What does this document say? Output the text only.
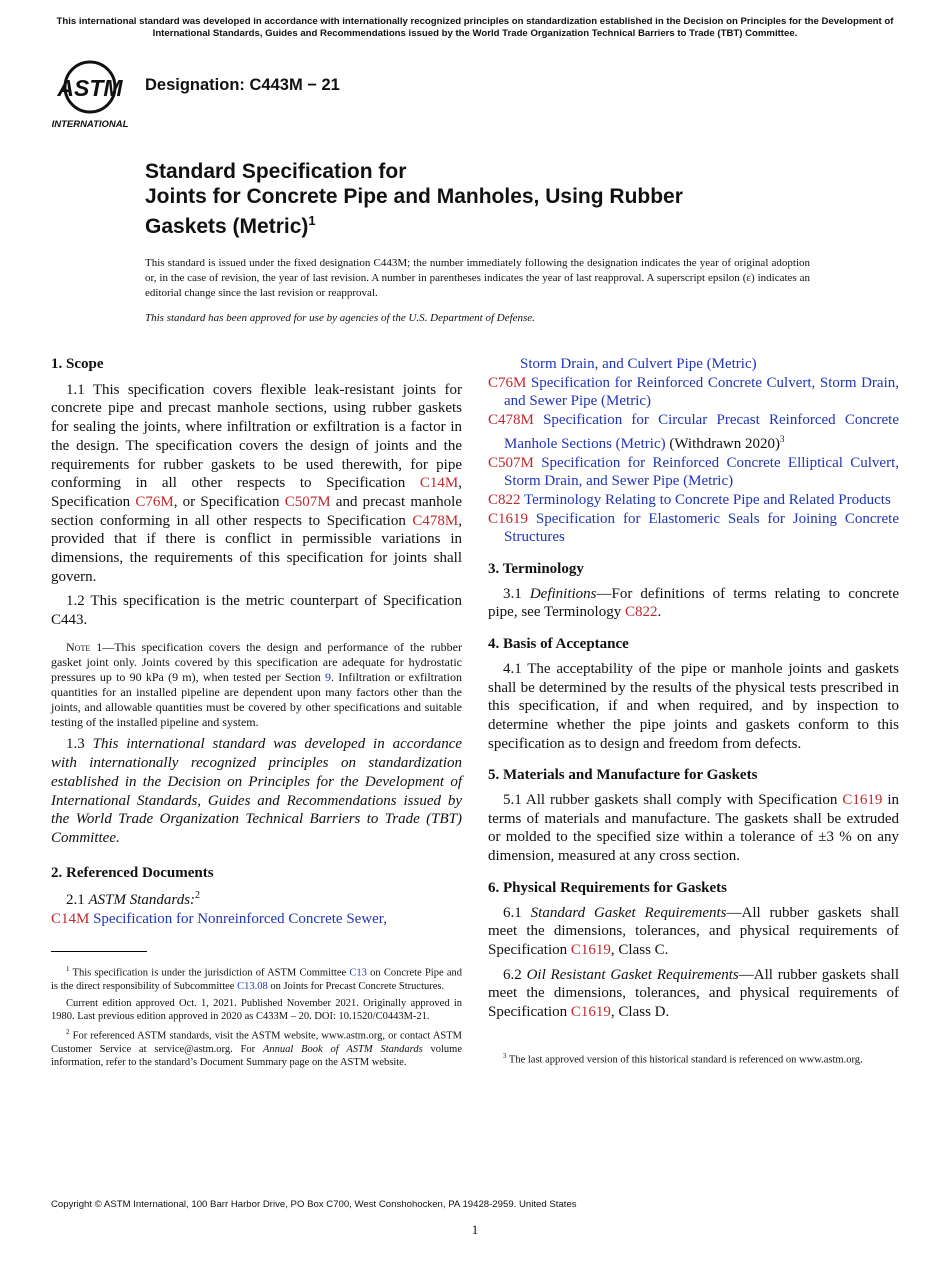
This international standard was developed in accordance with internationally recognized principles on standardization established in the Decision on Principles for the Development of International Standards, Guides and Recommendations issued by the World Trade Organization Technical Barriers to Trade (TBT) Committee.
ASTM
INTERNATIONAL
Designation: C443M − 21
Standard Specification for
Joints for Concrete Pipe and Manholes, Using Rubber
Gaskets (Metric)$^1$
This standard is issued under the fixed designation C443M; the number immediately following the designation indicates the year of original adoption or, in the case of revision, the year of last revision. A number in parentheses indicates the year of last reapproval. A superscript epsilon (ε) indicates an editorial change since the last revision or reapproval.
This standard has been approved for use by agencies of the U.S. Department of Defense.
1. Scope

1.1 This specification covers flexible leak-resistant joints for concrete pipe and precast manhole sections, using rubber gaskets for sealing the joints, where infiltration or exfiltration is a factor in the design. The specification covers the design of joints and the requirements for rubber gaskets to be used therewith, for pipe conforming in all other respects to Specification C14M, Specification C76M, or Specification C507M and precast manhole section conforming in all other respects to Specification C478M, provided that if there is conflict in permissible variations in dimensions, the requirements of this specification for joints shall govern.

1.2 This specification is the metric counterpart of Specification C443.

Note 1—This specification covers the design and performance of the rubber gasket joint only. Joints covered by this specification are adequate for hydrostatic pressures up to 90 kPa (9 m), when tested per Section 9. Infiltration or exfiltration quantities for an installed pipeline are dependent upon many factors other than the joints, and allowable quantities must be covered by other specifications and suitable testing of the installed pipeline and system.

1.3 This international standard was developed in accordance with internationally recognized principles on standardization established in the Decision on Principles for the Development of International Standards, Guides and Recommendations issued by the World Trade Organization Technical Barriers to Trade (TBT) Committee.

2. Referenced Documents

2.1 ASTM Standards:$^2$

C14M Specification for Nonreinforced Concrete Sewer,

$^1$ This specification is under the jurisdiction of ASTM Committee C13 on Concrete Pipe and is the direct responsibility of Subcommittee C13.08 on Joints for Precast Concrete Structures.

Current edition approved Oct. 1, 2021. Published November 2021. Originally approved in 1980. Last previous edition approved in 2020 as C433M – 20. DOI: 10.1520/C0443M-21.

$^2$ For referenced ASTM standards, visit the ASTM website, www.astm.org, or contact ASTM Customer Service at service@astm.org. For Annual Book of ASTM Standards volume information, refer to the standard’s Document Summary page on the ASTM website.

Storm Drain, and Culvert Pipe (Metric)

C76M Specification for Reinforced Concrete Culvert, Storm Drain, and Sewer Pipe (Metric)

C478M Specification for Circular Precast Reinforced Concrete Manhole Sections (Metric) (Withdrawn 2020)$^3$

C507M Specification for Reinforced Concrete Elliptical Culvert, Storm Drain, and Sewer Pipe (Metric)

C822 Terminology Relating to Concrete Pipe and Related Products

C1619 Specification for Elastomeric Seals for Joining Concrete Structures

3. Terminology

3.1 Definitions—For definitions of terms relating to concrete pipe, see Terminology C822.

4. Basis of Acceptance

4.1 The acceptability of the pipe or manhole joints and gaskets shall be determined by the results of the physical tests prescribed in this specification, if and when required, and by inspection to determine whether the pipe joints and gaskets conform to this specification as to design and freedom from defects.

5. Materials and Manufacture for Gaskets

5.1 All rubber gaskets shall comply with Specification C1619 in terms of materials and manufacture. The gaskets shall be extruded or molded to the specified size within a tolerance of ±3 % on any dimension, measured at any cross section.

6. Physical Requirements for Gaskets

6.1 Standard Gasket Requirements—All rubber gaskets shall meet the dimensions, tolerances, and physical requirements of Specification C1619, Class C.

6.2 Oil Resistant Gasket Requirements—All rubber gaskets shall meet the dimensions, tolerances, and physical requirements of Specification C1619, Class D.

$^3$ The last approved version of this historical standard is referenced on www.astm.org.

Copyright © ASTM International, 100 Barr Harbor Drive, PO Box C700, West Conshohocken, PA 19428-2959. United States
1
